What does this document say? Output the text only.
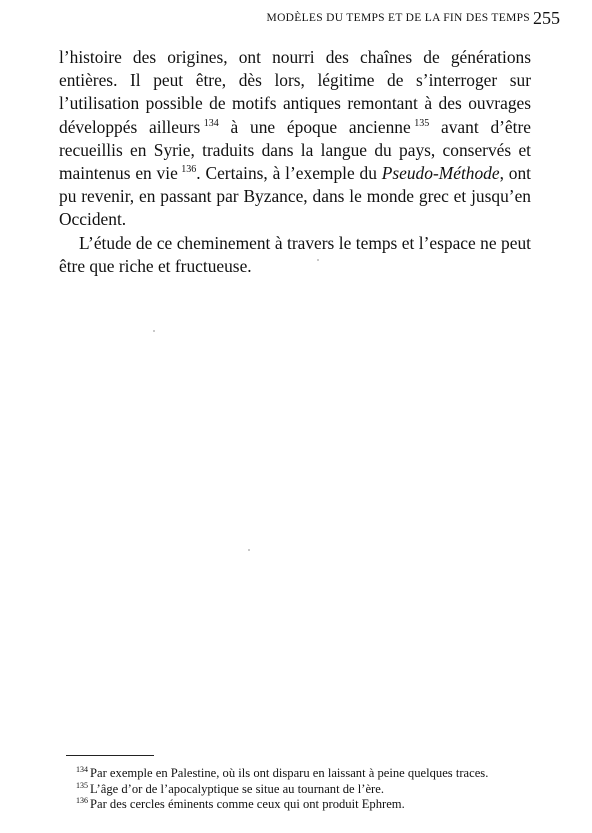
MODÈLES DU TEMPS ET DE LA FIN DES TEMPS 255

l’histoire des origines, ont nourri des chaînes de générations entières. Il peut être, dès lors, légitime de s’interroger sur l’utilisation possible de motifs antiques remontant à des ouvrages développés ailleurs  $^{134}$ à une époque ancienne  $^{135}$ avant d’être recueillis en Syrie, traduits dans la langue du pays, conservés et maintenus en vie  $^{136}$. Certains, à l’exemple du Pseudo-Méthode, ont pu revenir, en passant par Byzance, dans le monde grec et jusqu’en Occident.

L’étude de ce cheminement à travers le temps et l’espace ne peut être que riche et fructueuse.

$^{134}$ Par exemple en Palestine, où ils ont disparu en laissant à peine quelques traces.

$^{135}$ L’âge d’or de l’apocalyptique se situe au tournant de l’ère.

$^{136}$ Par des cercles éminents comme ceux qui ont produit Ephrem.
